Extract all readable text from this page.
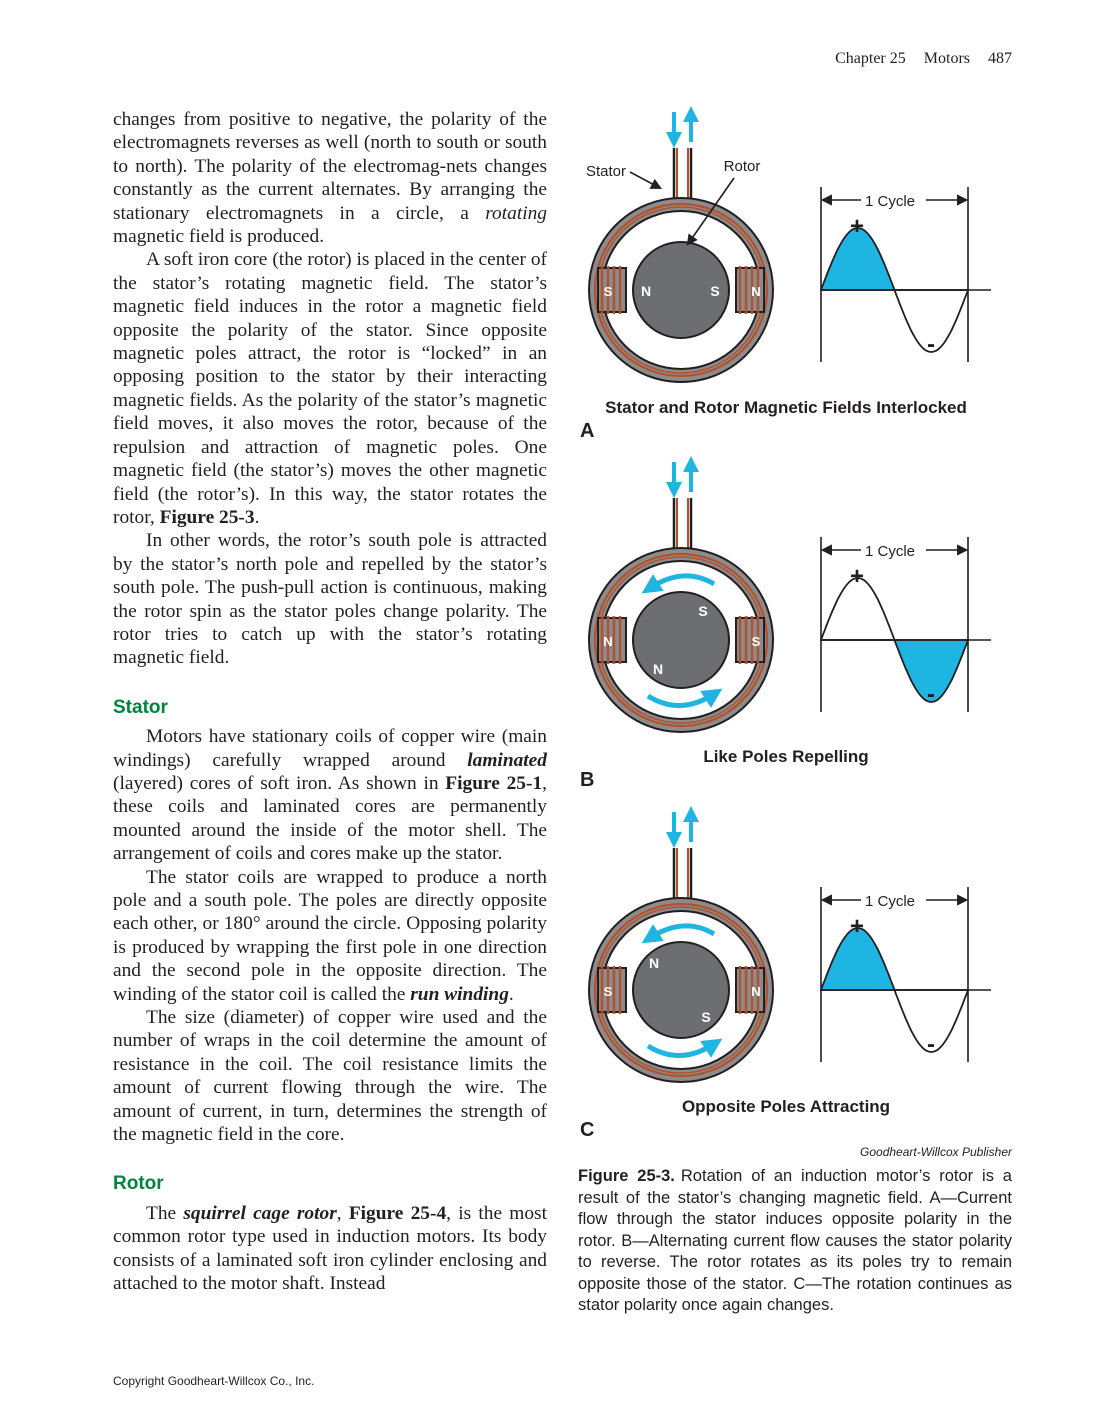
Chapter 25 Motors 487

changes from positive to negative, the polarity of the electromagnets reverses as well (north to south or south to north). The polarity of the electromag-nets changes constantly as the current alternates. By arranging the stationary electromagnets in a circle, a rotating magnetic field is produced.

A soft iron core (the rotor) is placed in the center of the stator’s rotating magnetic field. The stator’s magnetic field induces in the rotor a magnetic field opposite the polarity of the stator. Since opposite magnetic poles attract, the rotor is “locked” in an opposing position to the stator by their interacting magnetic fields. As the polarity of the stator’s magnetic field moves, it also moves the rotor, because of the repulsion and attraction of magnetic poles. One magnetic field (the stator’s) moves the other magnetic field (the rotor’s). In this way, the stator rotates the rotor, Figure 25-3.

In other words, the rotor’s south pole is attracted by the stator’s north pole and repelled by the stator’s south pole. The push-pull action is continuous, making the rotor spin as the stator poles change polarity. The rotor tries to catch up with the stator’s rotating magnetic field.

Stator

Motors have stationary coils of copper wire (main windings) carefully wrapped around laminated (layered) cores of soft iron. As shown in Figure 25-1, these coils and laminated cores are permanently mounted around the inside of the motor shell. The arrangement of coils and cores make up the stator.

The stator coils are wrapped to produce a north pole and a south pole. The poles are directly opposite each other, or 180° around the circle. Opposing polarity is produced by wrapping the first pole in one direction and the second pole in the opposite direction. The winding of the stator coil is called the run winding.

The size (diameter) of copper wire used and the number of wraps in the coil determine the amount of resistance in the coil. The coil resistance limits the amount of current flowing through the wire. The amount of current, in turn, determines the strength of the magnetic field in the core.

Rotor

The squirrel cage rotor, Figure 25-4, is the most common rotor type used in induction motors. Its body consists of a laminated soft iron cylinder enclosing and attached to the motor shaft. Instead

S	N
N	S
Stator	Rotor
1 Cycle
+
-
Stator and Rotor Magnetic Fields Interlocked
A
N	S
S
N
1 Cycle
+
-
Like Poles Repelling
B
S	N
N
S
1 Cycle
+
-
Opposite Poles Attracting
C
Goodheart-Willcox Publisher
Figure 25-3. Rotation of an induction motor’s rotor is a result of the stator’s changing magnetic field. A—Current flow through the stator induces opposite polarity in the rotor. B—Alternating current flow causes the stator polarity to reverse. The rotor rotates as its poles try to remain opposite those of the stator. C—The rotation continues as stator polarity once again changes.
Copyright Goodheart-Willcox Co., Inc.
